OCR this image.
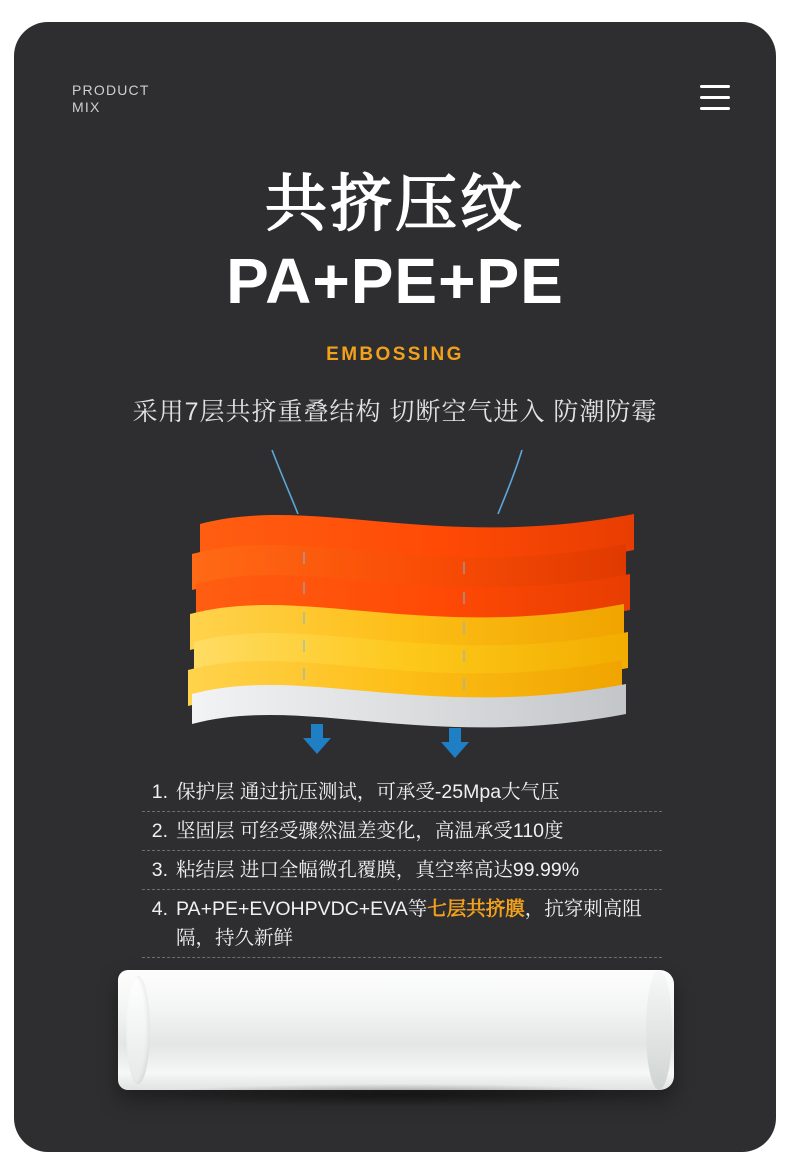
PRODUCT
MIX
共挤压纹
PA+PE+PE
EMBOSSING
采用7层共挤重叠结构 切断空气进入 防潮防霉
1. 保护层 通过抗压测试，可承受-25Mpa大气压
2. 坚固层 可经受骤然温差变化，高温承受110度
3. 粘结层 进口全幅微孔覆膜，真空率高达99.99%
4. PA+PE+EVOHPVDC+EVA等七层共挤膜，抗穿刺高阻隔，持久新鲜
